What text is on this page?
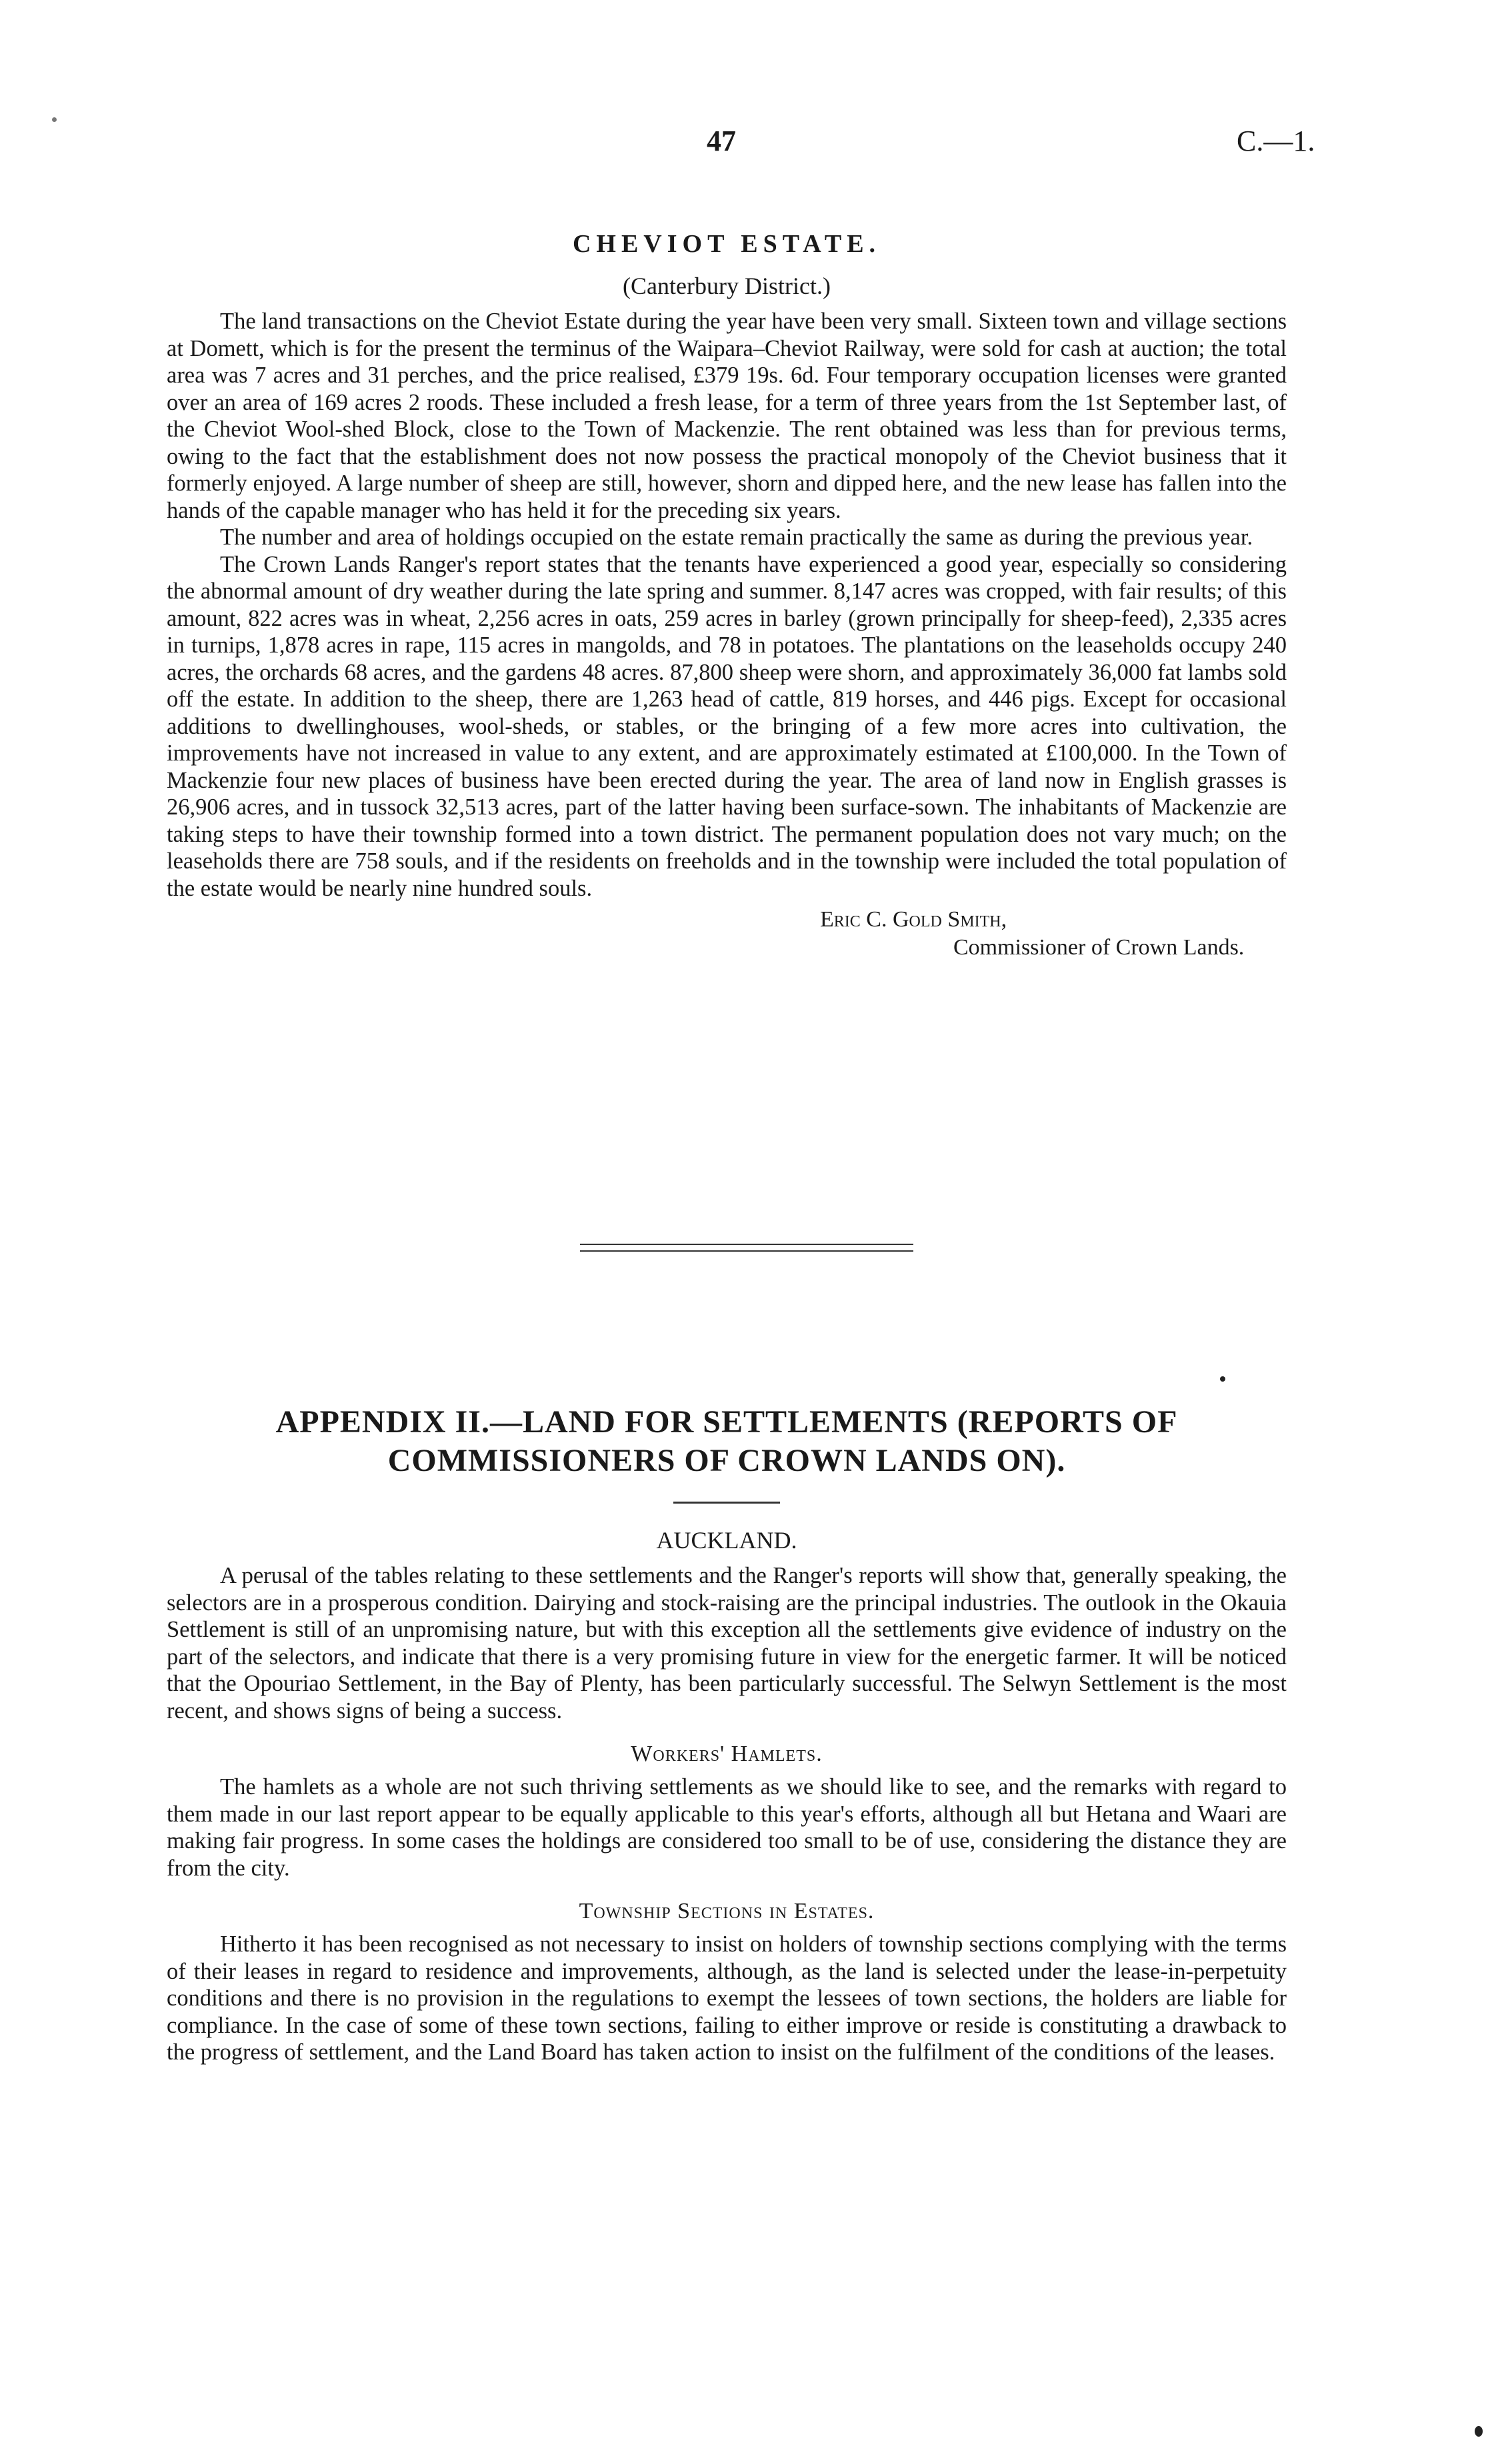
47	C.—1.
CHEVIOT ESTATE.
(Canterbury District.)

The land transactions on the Cheviot Estate during the year have been very small. Sixteen town and village sections at Domett, which is for the present the terminus of the Waipara–Cheviot Railway, were sold for cash at auction; the total area was 7 acres and 31 perches, and the price realised, £379 19s. 6d. Four temporary occupation licenses were granted over an area of 169 acres 2 roods. These included a fresh lease, for a term of three years from the 1st September last, of the Cheviot Wool-shed Block, close to the Town of Mackenzie. The rent obtained was less than for previous terms, owing to the fact that the establishment does not now possess the practical monopoly of the Cheviot business that it formerly enjoyed. A large number of sheep are still, however, shorn and dipped here, and the new lease has fallen into the hands of the capable manager who has held it for the preceding six years.

The number and area of holdings occupied on the estate remain practically the same as during the previous year.

The Crown Lands Ranger's report states that the tenants have experienced a good year, especially so considering the abnormal amount of dry weather during the late spring and summer. 8,147 acres was cropped, with fair results; of this amount, 822 acres was in wheat, 2,256 acres in oats, 259 acres in barley (grown principally for sheep-feed), 2,335 acres in turnips, 1,878 acres in rape, 115 acres in mangolds, and 78 in potatoes. The plantations on the leaseholds occupy 240 acres, the orchards 68 acres, and the gardens 48 acres. 87,800 sheep were shorn, and approximately 36,000 fat lambs sold off the estate. In addition to the sheep, there are 1,263 head of cattle, 819 horses, and 446 pigs. Except for occasional additions to dwellinghouses, wool-sheds, or stables, or the bringing of a few more acres into cultivation, the improvements have not increased in value to any extent, and are approximately estimated at £100,000. In the Town of Mackenzie four new places of business have been erected during the year. The area of land now in English grasses is 26,906 acres, and in tussock 32,513 acres, part of the latter having been surface-sown. The inhabitants of Mackenzie are taking steps to have their township formed into a town district. The permanent population does not vary much; on the leaseholds there are 758 souls, and if the residents on freeholds and in the township were included the total population of the estate would be nearly nine hundred souls.

Eric C. Gold Smith,
Commissioner of Crown Lands.
APPENDIX II.—LAND FOR SETTLEMENTS (REPORTS OF COMMISSIONERS OF CROWN LANDS ON).
AUCKLAND.

A perusal of the tables relating to these settlements and the Ranger's reports will show that, generally speaking, the selectors are in a prosperous condition. Dairying and stock-raising are the principal industries. The outlook in the Okauia Settlement is still of an unpromising nature, but with this exception all the settlements give evidence of industry on the part of the selectors, and indicate that there is a very promising future in view for the energetic farmer. It will be noticed that the Opouriao Settlement, in the Bay of Plenty, has been particularly successful. The Selwyn Settlement is the most recent, and shows signs of being a success.

Workers' Hamlets.

The hamlets as a whole are not such thriving settlements as we should like to see, and the remarks with regard to them made in our last report appear to be equally applicable to this year's efforts, although all but Hetana and Waari are making fair progress. In some cases the holdings are considered too small to be of use, considering the distance they are from the city.

Township Sections in Estates.

Hitherto it has been recognised as not necessary to insist on holders of township sections complying with the terms of their leases in regard to residence and improvements, although, as the land is selected under the lease-in-perpetuity conditions and there is no provision in the regulations to exempt the lessees of town sections, the holders are liable for compliance. In the case of some of these town sections, failing to either improve or reside is constituting a drawback to the progress of settlement, and the Land Board has taken action to insist on the fulfilment of the conditions of the leases.
